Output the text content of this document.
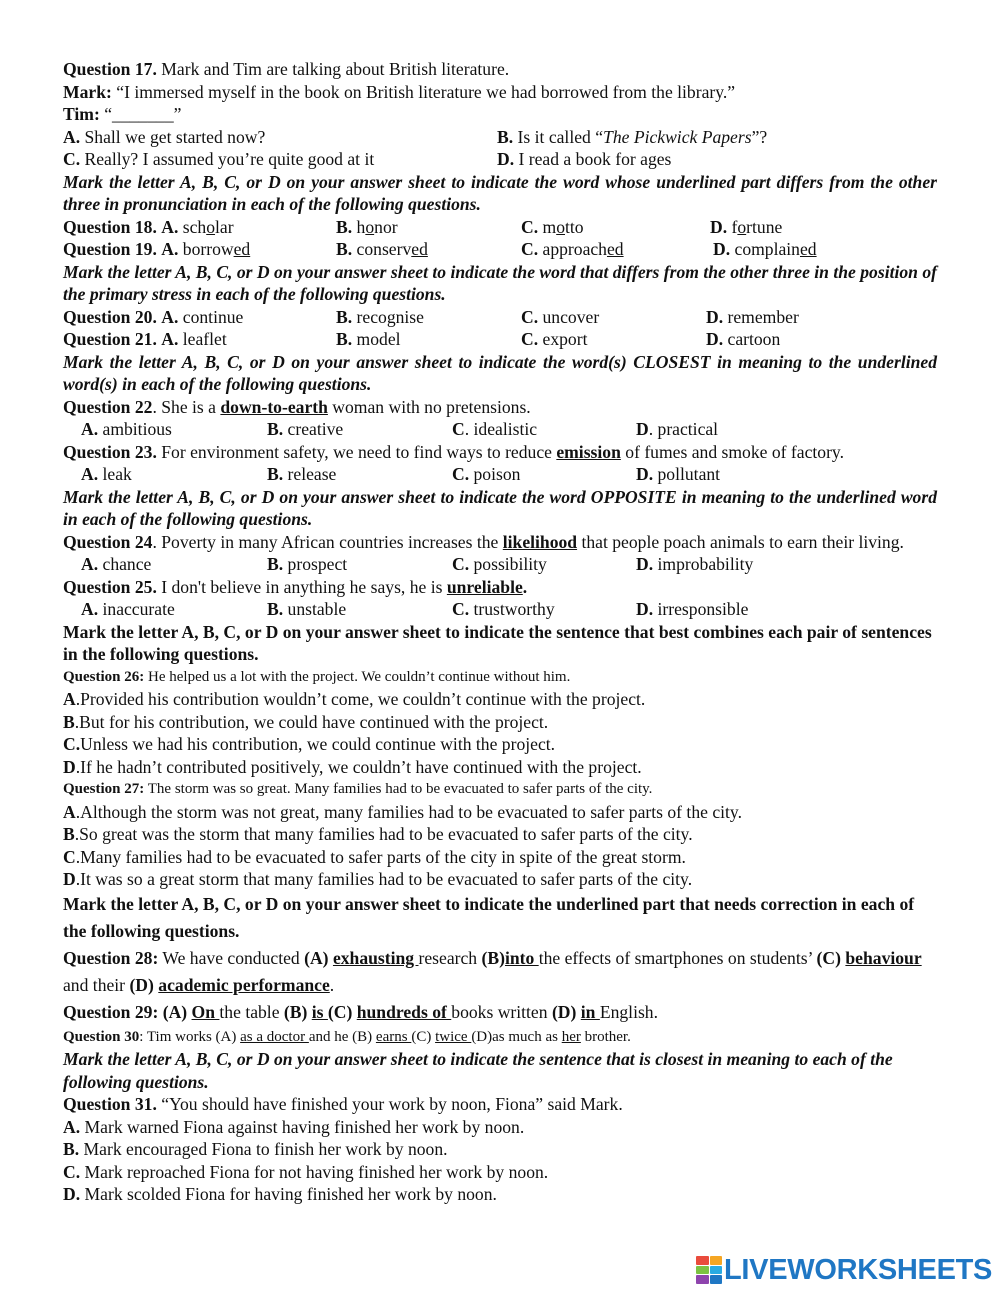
Question 17. Mark and Tim are talking about British literature.
Mark: “I immersed myself in the book on British literature we had borrowed from the library.”
Tim: “_______”
A. Shall we get started now?	B. Is it called “The Pickwick Papers”?
C. Really? I assumed you’re quite good at it	D. I read a book for ages
Mark the letter A, B, C, or D on your answer sheet to indicate the word whose underlined part differs from the other three in pronunciation in each of the following questions.
Question 18. A. scholar	B. honor	C. motto	D. fortune
Question 19. A. borrowed	B. conserved	C. approached	D. complained
Mark the letter A, B, C, or D on your answer sheet to indicate the word that differs from the other three in the position of the primary stress in each of the following questions.
Question 20. A. continue	B. recognise	C. uncover	D. remember
Question 21. A. leaflet	B. model	C. export	D. cartoon
Mark the letter A, B, C, or D on your answer sheet to indicate the word(s) CLOSEST in meaning to the underlined word(s) in each of the following questions.
Question 22. She is a down-to-earth woman with no pretensions.
A. ambitious	B. creative	C. idealistic	D. practical
Question 23. For environment safety, we need to find ways to reduce emission of fumes and smoke of factory.
A. leak	B. release	C. poison	D. pollutant
Mark the letter A, B, C, or D on your answer sheet to indicate the word OPPOSITE in meaning to the underlined word in each of the following questions.
Question 24. Poverty in many African countries increases the likelihood that people poach animals to earn their living.
A. chance	B. prospect	C. possibility	D. improbability
Question 25. I don't believe in anything he says, he is unreliable.
A. inaccurate	B. unstable	C. trustworthy	D. irresponsible
Mark the letter A, B, C, or D on your answer sheet to indicate the sentence that best combines each pair of sentences in the following questions.
Question 26: He helped us a lot with the project. We couldn’t continue without him.
A.Provided his contribution wouldn’t come, we couldn’t continue with the project.
B.But for his contribution, we could have continued with the project.
C.Unless we had his contribution, we could continue with the project.
D.If he hadn’t contributed positively, we couldn’t have continued with the project.
Question 27: The storm was so great. Many families had to be evacuated to safer parts of the city.
A.Although the storm was not great, many families had to be evacuated to safer parts of the city.
B.So great was the storm that many families had to be evacuated to safer parts of the city.
C.Many families had to be evacuated to safer parts of the city in spite of the great storm.
D.It was so a great storm that many families had to be evacuated to safer parts of the city.
Mark the letter A, B, C, or D on your answer sheet to indicate the underlined part that needs correction in each of the following questions.
Question 28: We have conducted (A) exhausting research (B)into the effects of smartphones on students’ (C) behaviour and their (D) academic performance.
Question 29: (A) On the table (B) is (C) hundreds of books written (D) in English.
Question 30: Tim works (A) as a doctor and he (B) earns (C) twice (D)as much as her brother.
Mark the letter A, B, C, or D on your answer sheet to indicate the sentence that is closest in meaning to each of the following questions.
Question 31. “You should have finished your work by noon, Fiona” said Mark.
A. Mark warned Fiona against having finished her work by noon.
B. Mark encouraged Fiona to finish her work by noon.
C. Mark reproached Fiona for not having finished her work by noon.
D. Mark scolded Fiona for having finished her work by noon.
LIVEWORKSHEETS
